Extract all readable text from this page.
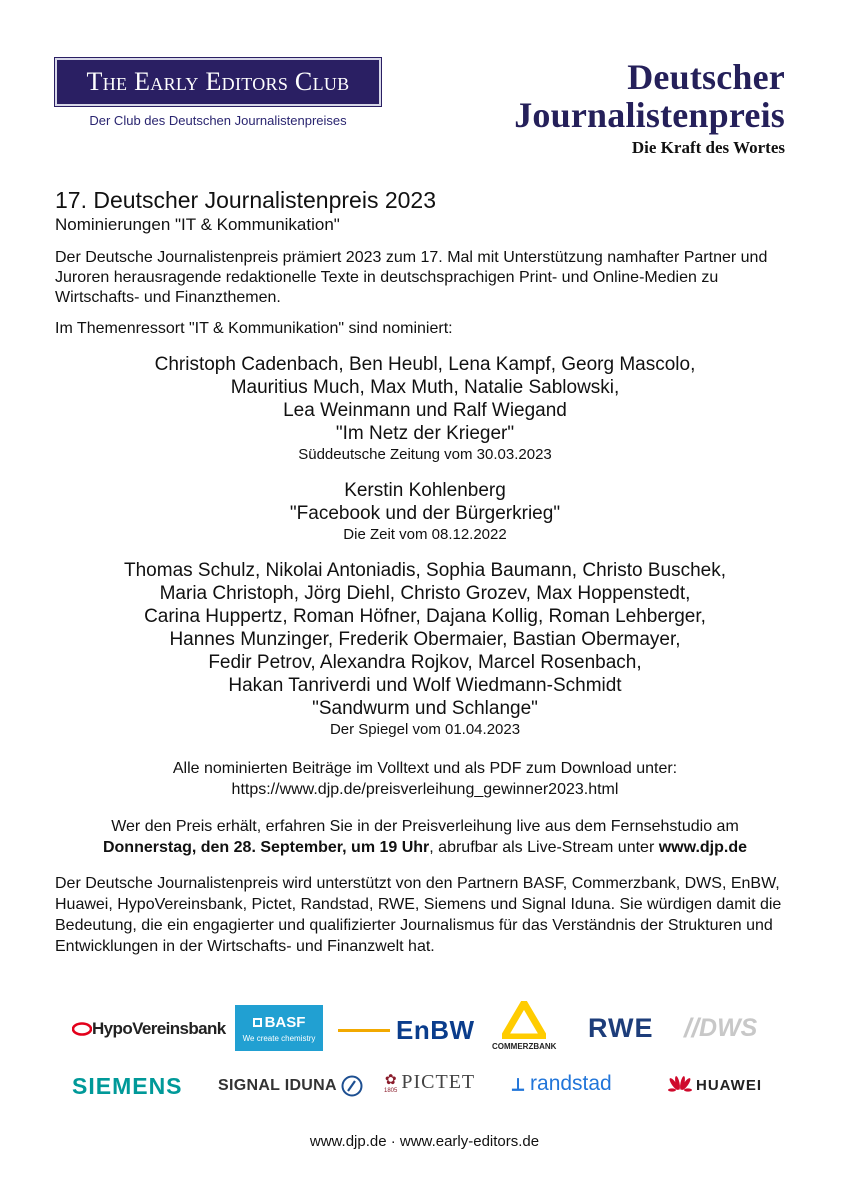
The Early Editors Club
Der Club des Deutschen Journalistenpreises
Deutscher
Journalistenpreis
Die Kraft des Wortes
17. Deutscher Journalistenpreis 2023
Nominierungen "IT & Kommunikation"

Der Deutsche Journalistenpreis prämiert 2023 zum 17. Mal mit Unterstützung namhafter Partner und Juroren herausragende redaktionelle Texte in deutschsprachigen Print- und Online-Medien zu Wirtschafts- und Finanzthemen.

Im Themenressort "IT & Kommunikation" sind nominiert:

Christoph Cadenbach, Ben Heubl, Lena Kampf, Georg Mascolo,
Mauritius Much, Max Muth, Natalie Sablowski,
Lea Weinmann und Ralf Wiegand
"Im Netz der Krieger"
Süddeutsche Zeitung vom 30.03.2023
Kerstin Kohlenberg
"Facebook und der Bürgerkrieg"
Die Zeit vom 08.12.2022
Thomas Schulz, Nikolai Antoniadis, Sophia Baumann, Christo Buschek,
Maria Christoph, Jörg Diehl, Christo Grozev, Max Hoppenstedt,
Carina Huppertz, Roman Höfner, Dajana Kollig, Roman Lehberger,
Hannes Munzinger, Frederik Obermaier, Bastian Obermayer,
Fedir Petrov, Alexandra Rojkov, Marcel Rosenbach,
Hakan Tanriverdi und Wolf Wiedmann-Schmidt
"Sandwurm und Schlange"
Der Spiegel vom 01.04.2023
Alle nominierten Beiträge im Volltext und als PDF zum Download unter:
https://www.djp.de/preisverleihung_gewinner2023.html
Wer den Preis erhält, erfahren Sie in der Preisverleihung live aus dem Fernsehstudio am
Donnerstag, den 28. September, um 19 Uhr, abrufbar als Live-Stream unter www.djp.de

Der Deutsche Journalistenpreis wird unterstützt von den Partnern BASF, Commerzbank, DWS, EnBW, Huawei, HypoVereinsbank, Pictet, Randstad, RWE, Siemens und Signal Iduna. Sie würdigen damit die Bedeutung, die ein engagierter und qualifizierter Journalismus für das Verständnis der Strukturen und Entwicklungen in der Wirtschafts- und Finanzwelt hat.

HypoVereinsbank	BASF
We create chemistry	EnBW
COMMERZBANK
RWE // DWS
SIEMENS SIGNAL IDUNA	✿
1805 PICTET ⟂ randstad	HUAWEI
www.djp.de · www.early-editors.de
